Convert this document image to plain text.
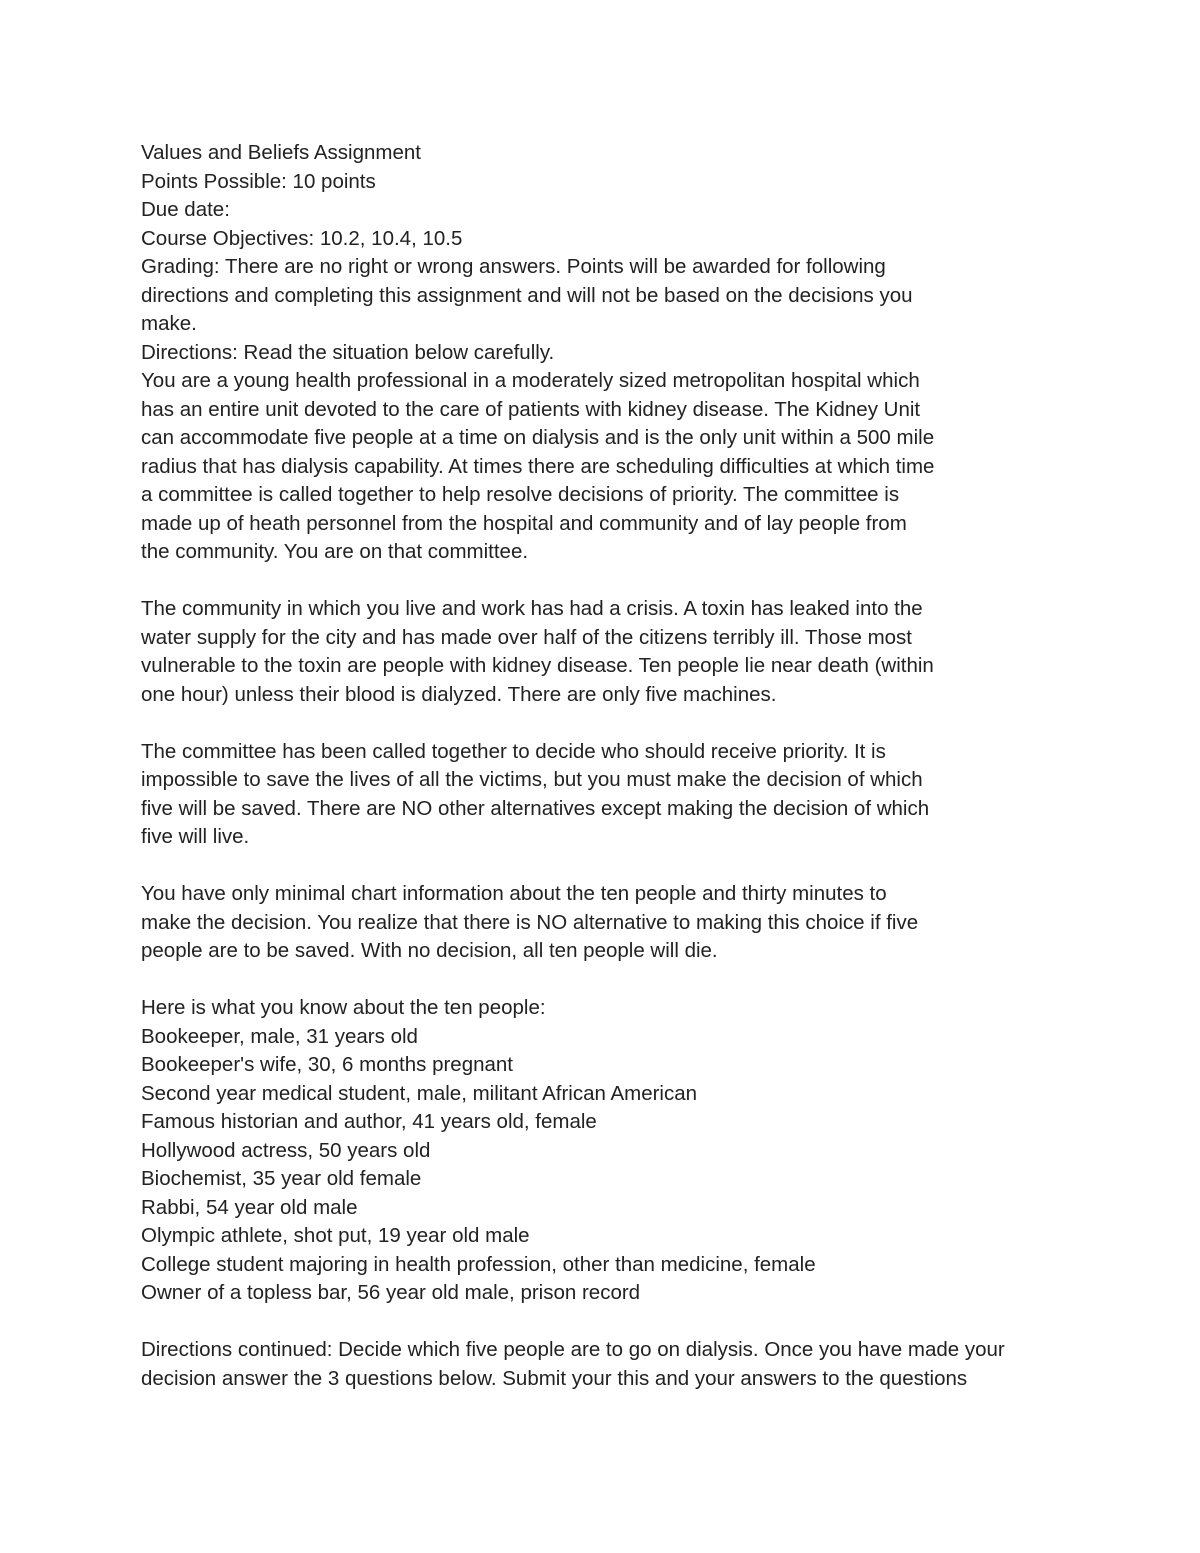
Values and Beliefs Assignment
Points Possible: 10 points
Due date:
Course Objectives: 10.2, 10.4, 10.5
Grading: There are no right or wrong answers. Points will be awarded for following
directions and completing this assignment and will not be based on the decisions you
make.
Directions: Read the situation below carefully.
You are a young health professional in a moderately sized metropolitan hospital which
has an entire unit devoted to the care of patients with kidney disease. The Kidney Unit
can accommodate five people at a time on dialysis and is the only unit within a 500 mile
radius that has dialysis capability. At times there are scheduling difficulties at which time
a committee is called together to help resolve decisions of priority. The committee is
made up of heath personnel from the hospital and community and of lay people from
the community. You are on that committee.
The community in which you live and work has had a crisis. A toxin has leaked into the
water supply for the city and has made over half of the citizens terribly ill. Those most
vulnerable to the toxin are people with kidney disease. Ten people lie near death (within
one hour) unless their blood is dialyzed. There are only five machines.
The committee has been called together to decide who should receive priority. It is
impossible to save the lives of all the victims, but you must make the decision of which
five will be saved. There are NO other alternatives except making the decision of which
five will live.
You have only minimal chart information about the ten people and thirty minutes to
make the decision. You realize that there is NO alternative to making this choice if five
people are to be saved. With no decision, all ten people will die.
Here is what you know about the ten people:
Bookeeper, male, 31 years old
Bookeeper's wife, 30, 6 months pregnant
Second year medical student, male, militant African American
Famous historian and author, 41 years old, female
Hollywood actress, 50 years old
Biochemist, 35 year old female
Rabbi, 54 year old male
Olympic athlete, shot put, 19 year old male
College student majoring in health profession, other than medicine, female
Owner of a topless bar, 56 year old male, prison record
Directions continued: Decide which five people are to go on dialysis. Once you have made your
decision answer the 3 questions below. Submit your this and your answers to the questions
